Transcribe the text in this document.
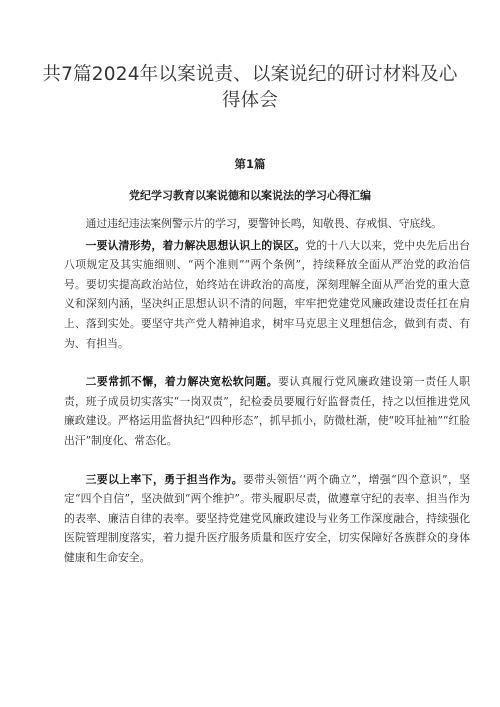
共7篇2024年以案说责、以案说纪的研讨材料及心得体会
第1篇
党纪学习教育以案说德和以案说法的学习心得汇编

通过违纪违法案例警示片的学习，要警钟长鸣，知敬畏、存戒惧、守底线。

一要认清形势，着力解决思想认识上的误区。党的十八大以来，党中央先后出台八项规定及其实施细则、“两个准则”“两个条例”，持续释放全面从严治党的政治信号。要切实提高政治站位，始终站在讲政治的高度，深刻理解全面从严治党的重大意义和深刻内涵，坚决纠正思想认识不清的问题，牢牢把党建党风廉政建设责任扛在肩上、落到实处。要坚守共产党人精神追求，树牢马克思主义理想信念，做到有责、有为、有担当。

二要常抓不懈，着力解决宽松软问题。要认真履行党风廉政建设第一责任人职责，班子成员切实落实“一岗双责”，纪检委员要履行好监督责任，持之以恒推进党风廉政建设。严格运用监督执纪“四种形态”，抓早抓小，防微杜渐，使“咬耳扯袖”“红脸出汗”制度化、常态化。

三要以上率下，勇于担当作为。要带头领悟‘‘两个确立”，增强“四个意识”，坚定“四个自信”，坚决做到“两个维护”。带头履职尽责，做遵章守纪的表率、担当作为的表率、廉洁自律的表率。要坚持党建党风廉政建设与业务工作深度融合，持续强化医院管理制度落实，着力提升医疗服务质量和医疗安全，切实保障好各族群众的身体健康和生命安全。
